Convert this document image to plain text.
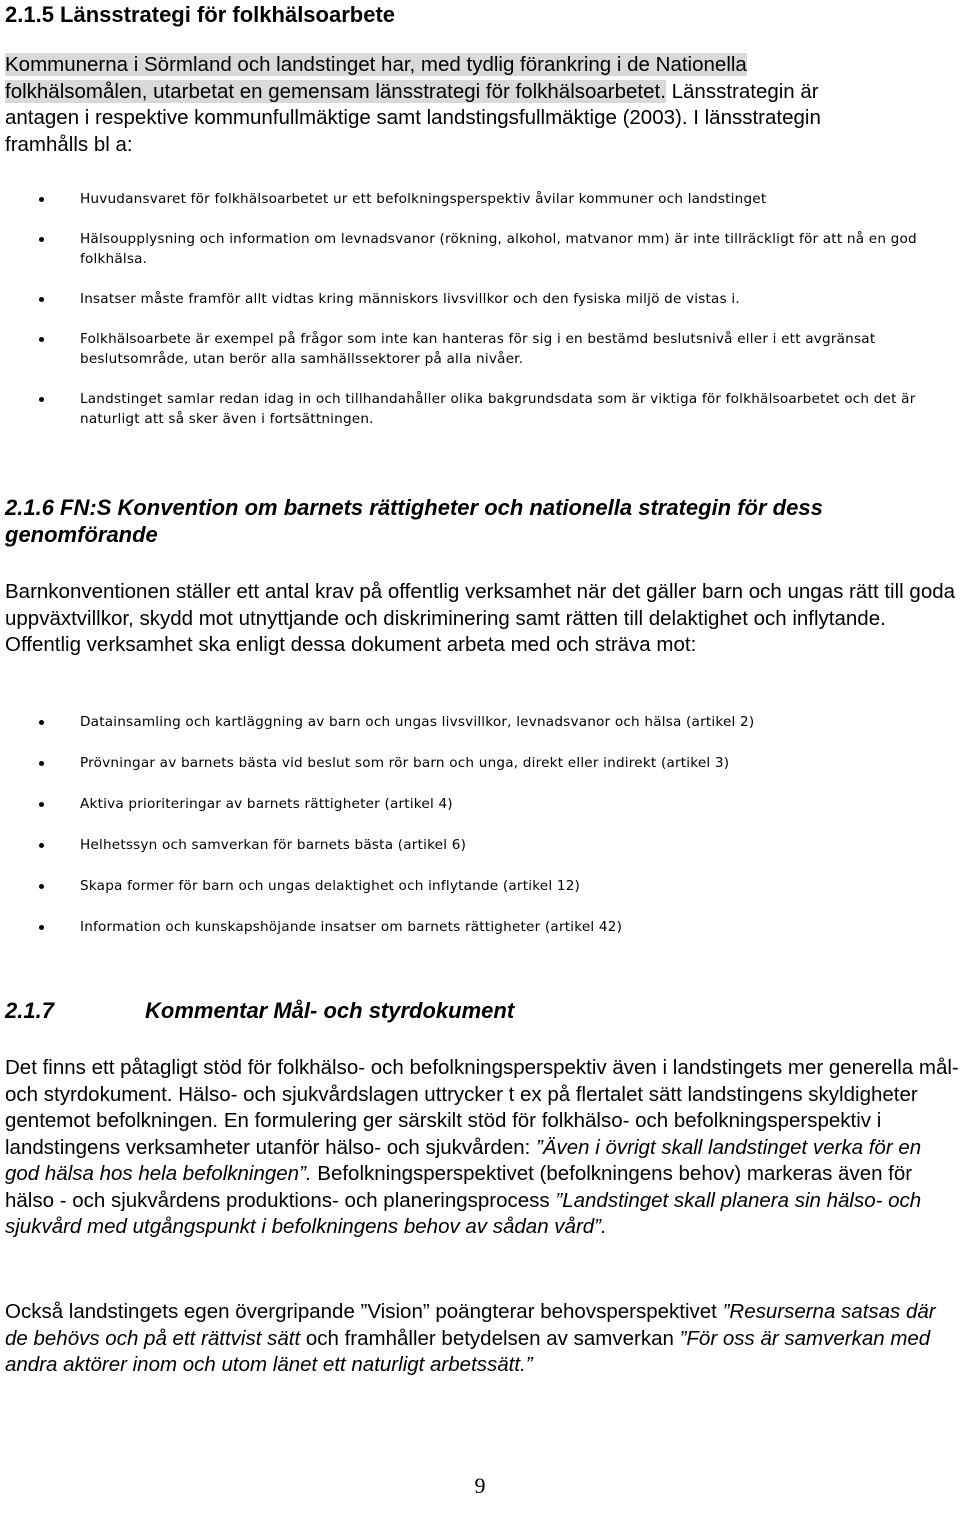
2.1.5 Länsstrategi för folkhälsoarbete

Kommunerna i Sörmland och landstinget har, med tydlig förankring i de Nationella
folkhälsomålen, utarbetat en gemensam länsstrategi för folkhälsoarbetet. Länsstrategin är
antagen i respektive kommunfullmäktige samt landstingsfullmäktige (2003). I länsstrategin
framhålls bl a:

Huvudansvaret för folkhälsoarbetet ur ett befolkningsperspektiv åvilar kommuner och landstinget
Hälsoupplysning och information om levnadsvanor (rökning, alkohol, matvanor mm) är inte tillräckligt för att nå en god folkhälsa.
Insatser måste framför allt vidtas kring människors livsvillkor och den fysiska miljö de vistas i.
Folkhälsoarbete är exempel på frågor som inte kan hanteras för sig i en bestämd beslutsnivå eller i ett avgränsat beslutsområde, utan berör alla samhällssektorer på alla nivåer.
Landstinget samlar redan idag in och tillhandahåller olika bakgrundsdata som är viktiga för folkhälsoarbetet och det är naturligt att så sker även i fortsättningen.
2.1.6 FN:S Konvention om barnets rättigheter och nationella strategin för dess
genomförande

Barnkonventionen ställer ett antal krav på offentlig verksamhet när det gäller barn och ungas rätt till goda uppväxtvillkor, skydd mot utnyttjande och diskriminering samt rätten till delaktighet och inflytande. Offentlig verksamhet ska enligt dessa dokument arbeta med och sträva mot:

Datainsamling och kartläggning av barn och ungas livsvillkor, levnadsvanor och hälsa (artikel 2)
Prövningar av barnets bästa vid beslut som rör barn och unga, direkt eller indirekt (artikel 3)
Aktiva prioriteringar av barnets rättigheter (artikel 4)
Helhetssyn och samverkan för barnets bästa (artikel 6)
Skapa former för barn och ungas delaktighet och inflytande (artikel 12)
Information och kunskapshöjande insatser om barnets rättigheter (artikel 42)
2.1.7	Kommentar Mål- och styrdokument

Det finns ett påtagligt stöd för folkhälso- och befolkningsperspektiv även i landstingets mer generella mål- och styrdokument. Hälso- och sjukvårdslagen uttrycker t ex på flertalet sätt landstingens skyldigheter gentemot befolkningen. En formulering ger särskilt stöd för folkhälso- och befolkningsperspektiv i landstingens verksamheter utanför hälso- och sjukvården: ”Även i övrigt skall landstinget verka för en god hälsa hos hela befolkningen”. Befolkningsperspektivet (befolkningens behov) markeras även för hälso - och sjukvårdens produktions- och planeringsprocess ”Landstinget skall planera sin hälso- och sjukvård med utgångspunkt i befolkningens behov av sådan vård”.

Också landstingets egen övergripande ”Vision” poängterar behovsperspektivet ”Resurserna satsas där de behövs och på ett rättvist sätt och framhåller betydelsen av samverkan ”För oss är samverkan med andra aktörer inom och utom länet ett naturligt arbetssätt.”

9
